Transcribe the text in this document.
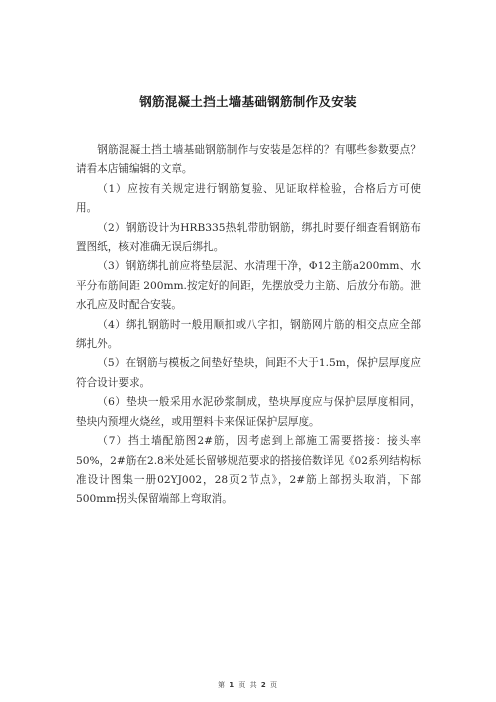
钢筋混凝土挡土墙基础钢筋制作及安装

钢筋混凝土挡土墙基础钢筋制作与安装是怎样的？有哪些参数要点？请看本店铺编辑的文章。

（1）应按有关规定进行钢筋复验、见证取样检验，合格后方可使用。

（2）钢筋设计为HRB335热轧带肋钢筋，绑扎时要仔细查看钢筋布置图纸，核对准确无误后绑扎。

（3）钢筋绑扎前应将垫层泥、水清理干净，Φ12主筋a200mm、水平分布筋间距 200mm.按定好的间距，先摆放受力主筋、后放分布筋。泄水孔应及时配合安装。

（4）绑扎钢筋时一般用顺扣或八字扣，钢筋网片筋的相交点应全部绑扎外。

（5）在钢筋与模板之间垫好垫块，间距不大于1.5m，保护层厚度应符合设计要求。

（6）垫块一般采用水泥砂浆制成，垫块厚度应与保护层厚度相同，垫块内预埋火烧丝，或用塑料卡来保证保护层厚度。

（7）挡土墙配筋图2#筋，因考虑到上部施工需要搭接：接头率50%，2#筋在2.8米处延长留够规范要求的搭接倍数详见《02系列结构标准设计图集一册02YJ002，28页2节点》，2#筋上部拐头取消，下部500mm拐头保留端部上弯取消。

第 1 页 共 2 页
